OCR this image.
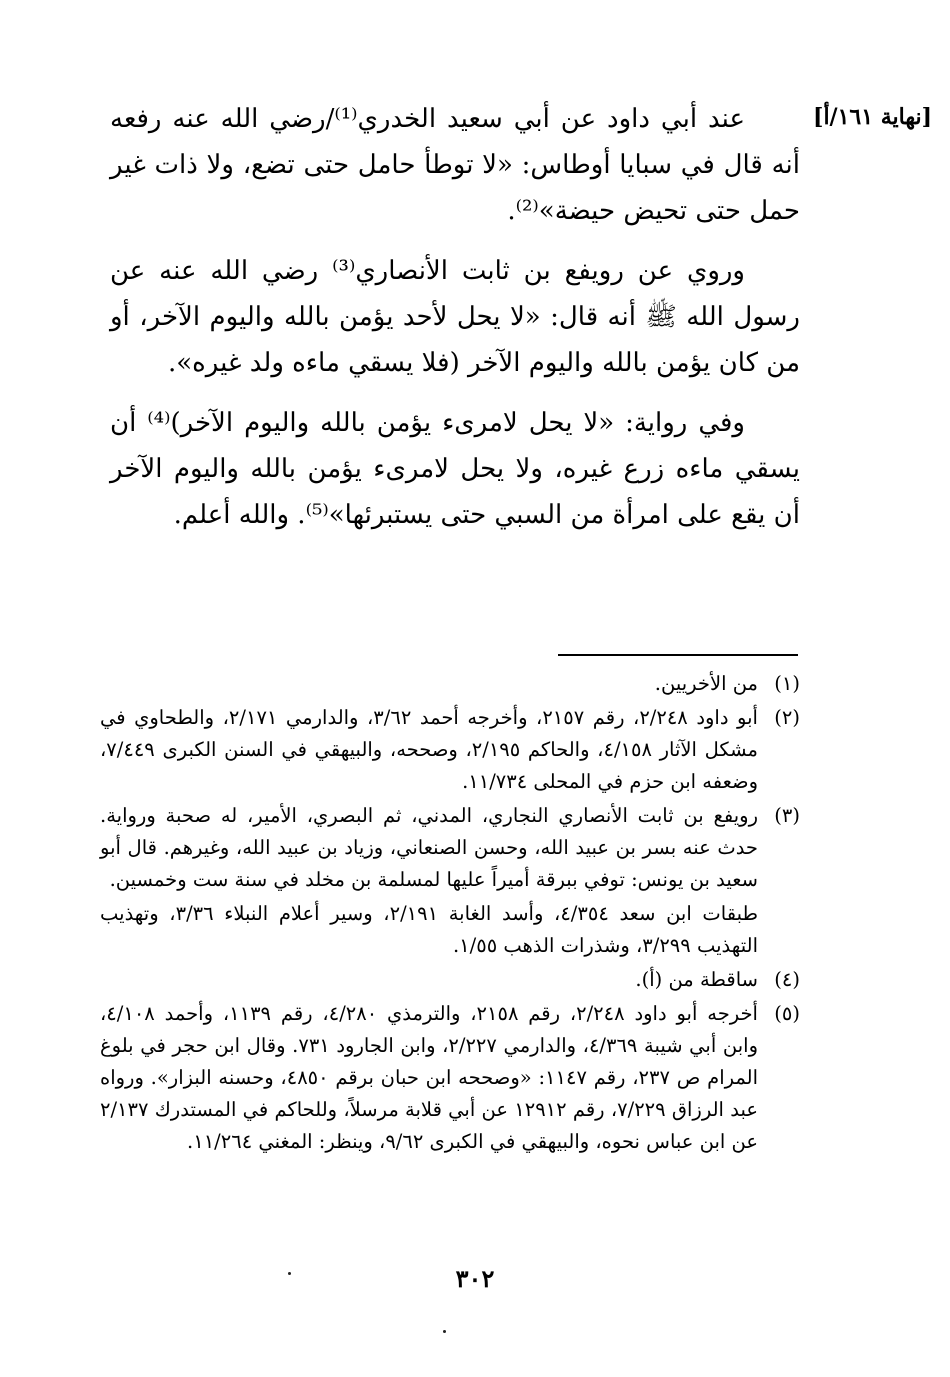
[نهاية ١٦١/أ]

عند أبي داود عن أبي سعيد الخدري⁽¹⁾/رضي الله عنه رفعه أنه قال في سبايا أوطاس: «لا توطأ حامل حتى تضع، ولا ذات غير حمل حتى تحيض حيضة»⁽²⁾.

وروي عن رويفع بن ثابت الأنصاري⁽³⁾ رضي الله عنه عن رسول الله ﷺ أنه قال: «لا يحل لأحد يؤمن بالله واليوم الآخر، أو من كان يؤمن بالله واليوم الآخر (فلا يسقي ماءه ولد غيره».

وفي رواية: «لا يحل لامرىء يؤمن بالله واليوم الآخر)⁽⁴⁾ أن يسقي ماءه زرع غيره، ولا يحل لامرىء يؤمن بالله واليوم الآخر أن يقع على امرأة من السبي حتى يستبرئها»⁽⁵⁾. والله أعلم.

(١)
من الأخريين.
(٢)
أبو داود ٢/٢٤٨، رقم ٢١٥٧، وأخرجه أحمد ٣/٦٢، والدارمي ٢/١٧١، والطحاوي في مشكل الآثار ٤/١٥٨، والحاكم ٢/١٩٥، وصححه، والبيهقي في السنن الكبرى ٧/٤٤٩، وضعفه ابن حزم في المحلى ١١/٧٣٤.
(٣)
رويفع بن ثابت الأنصاري النجاري، المدني، ثم البصري، الأمير، له صحبة ورواية. حدث عنه بسر بن عبيد الله، وحسن الصنعاني، وزياد بن عبيد الله، وغيرهم. قال أبو سعيد بن يونس: توفي ببرقة أميراً عليها لمسلمة بن مخلد في سنة ست وخمسين.
طبقات ابن سعد ٤/٣٥٤، وأسد الغابة ٢/١٩١، وسير أعلام النبلاء ٣/٣٦، وتهذيب التهذيب ٣/٢٩٩، وشذرات الذهب ١/٥٥.
(٤)
ساقطة من (أ).
(٥)
أخرجه أبو داود ٢/٢٤٨، رقم ٢١٥٨، والترمذي ٤/٢٨٠، رقم ١١٣٩، وأحمد ٤/١٠٨، وابن أبي شيبة ٤/٣٦٩، والدارمي ٢/٢٢٧، وابن الجارود ٧٣١. وقال ابن حجر في بلوغ المرام ص ٢٣٧، رقم ١١٤٧: «وصححه ابن حبان برقم ٤٨٥٠، وحسنه البزار». ورواه عبد الرزاق ٧/٢٢٩، رقم ١٢٩١٢ عن أبي قلابة مرسلاً، وللحاكم في المستدرك ٢/١٣٧ عن ابن عباس نحوه، والبيهقي في الكبرى ٩/٦٢، وينظر: المغني ١١/٢٦٤.
٣٠٢
